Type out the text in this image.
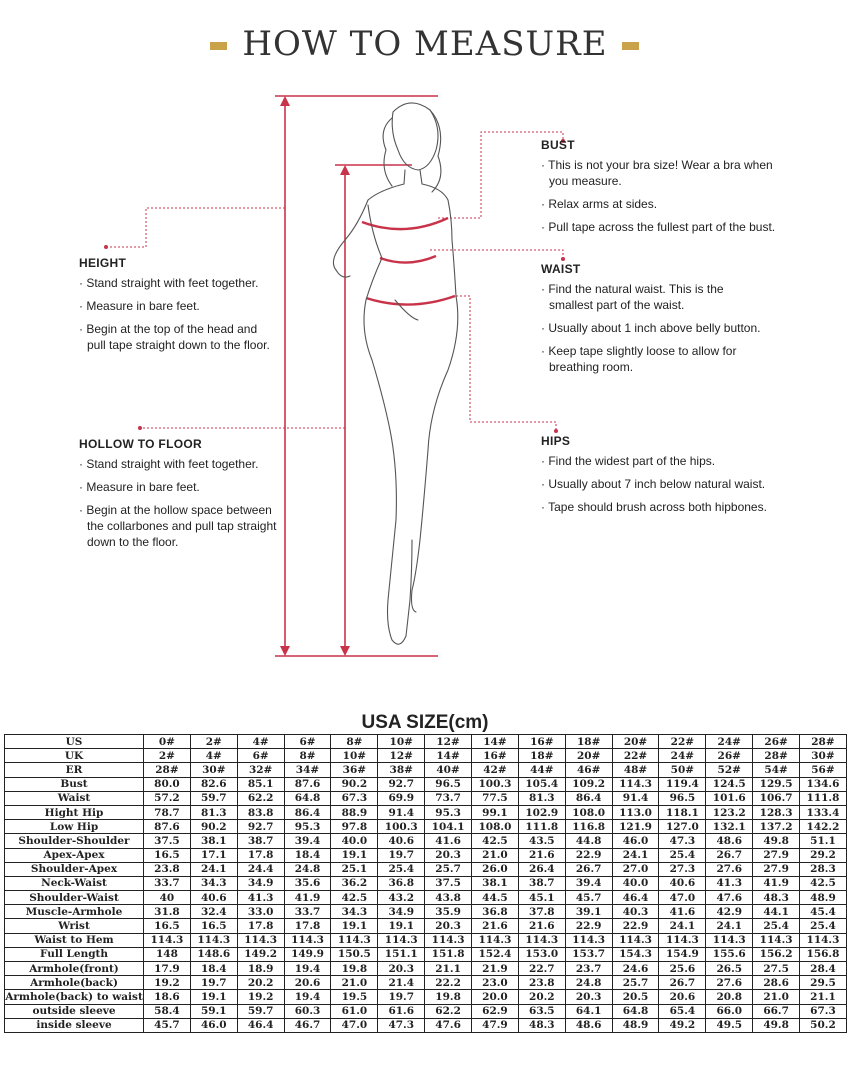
HOW TO MEASURE
BUST

· This is not your bra size! Wear a bra when you measure.

· Relax arms at sides.

· Pull tape across the fullest part of the bust.

WAIST

· Find the natural waist. This is the smallest part of the waist.

· Usually about 1 inch above belly button.

· Keep tape slightly loose to allow for breathing room.

HIPS

· Find the widest part of the hips.

· Usually about 7 inch below natural waist.

· Tape should brush across both hipbones.

HEIGHT

· Stand straight with feet together.

· Measure in bare feet.

· Begin at the top of the head and pull tape straight down to the floor.

HOLLOW TO FLOOR

· Stand straight with feet together.

· Measure in bare feet.

· Begin at the hollow space between the collarbones and pull tap straight down to the floor.

USA SIZE(cm)
US	0#	2#	4#	6#	8#	10#	12#	14#	16#	18#	20#	22#	24#	26#	28#
UK	2#	4#	6#	8#	10#	12#	14#	16#	18#	20#	22#	24#	26#	28#	30#
ER	28#	30#	32#	34#	36#	38#	40#	42#	44#	46#	48#	50#	52#	54#	56#
Bust	80.0	82.6	85.1	87.6	90.2	92.7	96.5	100.3	105.4	109.2	114.3	119.4	124.5	129.5	134.6
Waist	57.2	59.7	62.2	64.8	67.3	69.9	73.7	77.5	81.3	86.4	91.4	96.5	101.6	106.7	111.8
Hight Hip	78.7	81.3	83.8	86.4	88.9	91.4	95.3	99.1	102.9	108.0	113.0	118.1	123.2	128.3	133.4
Low Hip	87.6	90.2	92.7	95.3	97.8	100.3	104.1	108.0	111.8	116.8	121.9	127.0	132.1	137.2	142.2
Shoulder-Shoulder	37.5	38.1	38.7	39.4	40.0	40.6	41.6	42.5	43.5	44.8	46.0	47.3	48.6	49.8	51.1
Apex-Apex	16.5	17.1	17.8	18.4	19.1	19.7	20.3	21.0	21.6	22.9	24.1	25.4	26.7	27.9	29.2
Shoulder-Apex	23.8	24.1	24.4	24.8	25.1	25.4	25.7	26.0	26.4	26.7	27.0	27.3	27.6	27.9	28.3
Neck-Waist	33.7	34.3	34.9	35.6	36.2	36.8	37.5	38.1	38.7	39.4	40.0	40.6	41.3	41.9	42.5
Shoulder-Waist	40	40.6	41.3	41.9	42.5	43.2	43.8	44.5	45.1	45.7	46.4	47.0	47.6	48.3	48.9
Muscle-Armhole	31.8	32.4	33.0	33.7	34.3	34.9	35.9	36.8	37.8	39.1	40.3	41.6	42.9	44.1	45.4
Wrist	16.5	16.5	17.8	17.8	19.1	19.1	20.3	21.6	21.6	22.9	22.9	24.1	24.1	25.4	25.4
Waist to Hem	114.3	114.3	114.3	114.3	114.3	114.3	114.3	114.3	114.3	114.3	114.3	114.3	114.3	114.3	114.3
Full Length	148	148.6	149.2	149.9	150.5	151.1	151.8	152.4	153.0	153.7	154.3	154.9	155.6	156.2	156.8
Armhole(front)	17.9	18.4	18.9	19.4	19.8	20.3	21.1	21.9	22.7	23.7	24.6	25.6	26.5	27.5	28.4
Armhole(back)	19.2	19.7	20.2	20.6	21.0	21.4	22.2	23.0	23.8	24.8	25.7	26.7	27.6	28.6	29.5
Armhole(back) to waist	18.6	19.1	19.2	19.4	19.5	19.7	19.8	20.0	20.2	20.3	20.5	20.6	20.8	21.0	21.1
outside sleeve	58.4	59.1	59.7	60.3	61.0	61.6	62.2	62.9	63.5	64.1	64.8	65.4	66.0	66.7	67.3
inside sleeve	45.7	46.0	46.4	46.7	47.0	47.3	47.6	47.9	48.3	48.6	48.9	49.2	49.5	49.8	50.2
